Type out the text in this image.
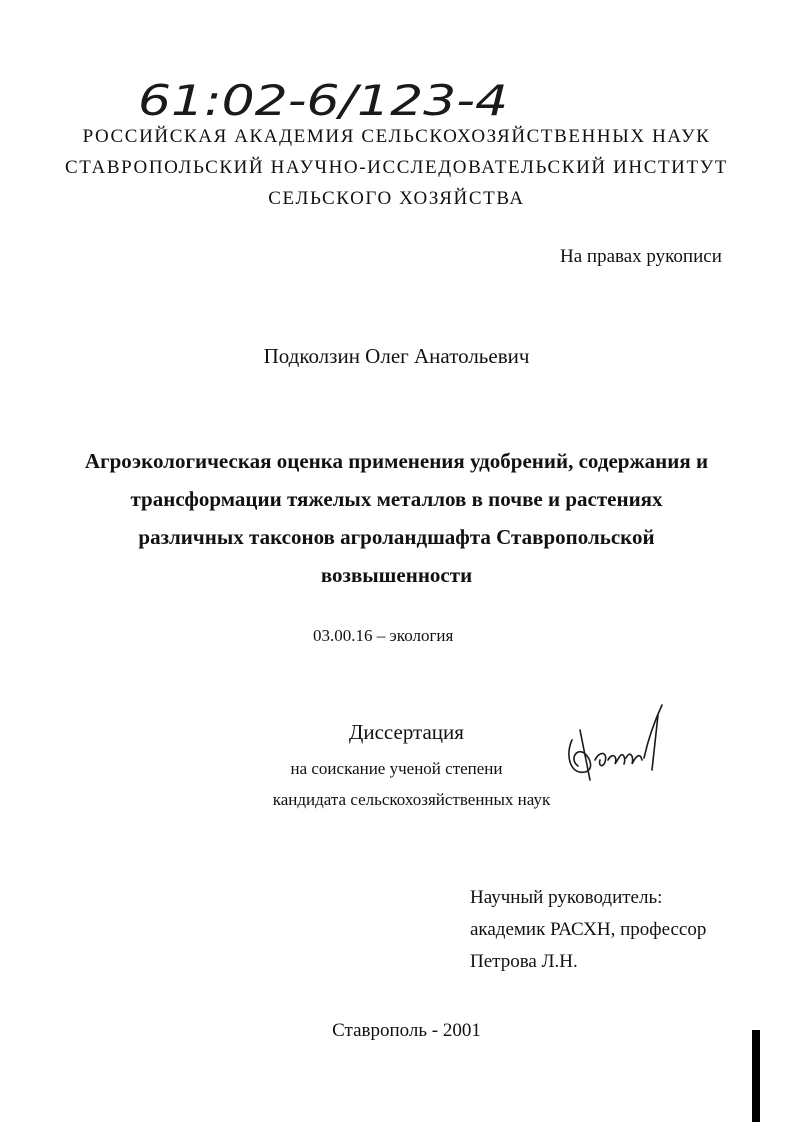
61:02-6/123-4
РОССИЙСКАЯ АКАДЕМИЯ СЕЛЬСКОХОЗЯЙСТВЕННЫХ НАУК
СТАВРОПОЛЬСКИЙ НАУЧНО-ИССЛЕДОВАТЕЛЬСКИЙ ИНСТИТУТ
СЕЛЬСКОГО ХОЗЯЙСТВА
На правах рукописи
Подколзин Олег Анатольевич
Агроэкологическая оценка применения удобрений, содержания и
трансформации тяжелых металлов в почве и растениях
различных таксонов агроландшафта Ставропольской
возвышенности
03.00.16 – экология
Диссертация
на соискание ученой степени
кандидата сельскохозяйственных наук
Научный руководитель:
академик РАСХН, профессор
Петрова Л.Н.
Ставрополь - 2001
